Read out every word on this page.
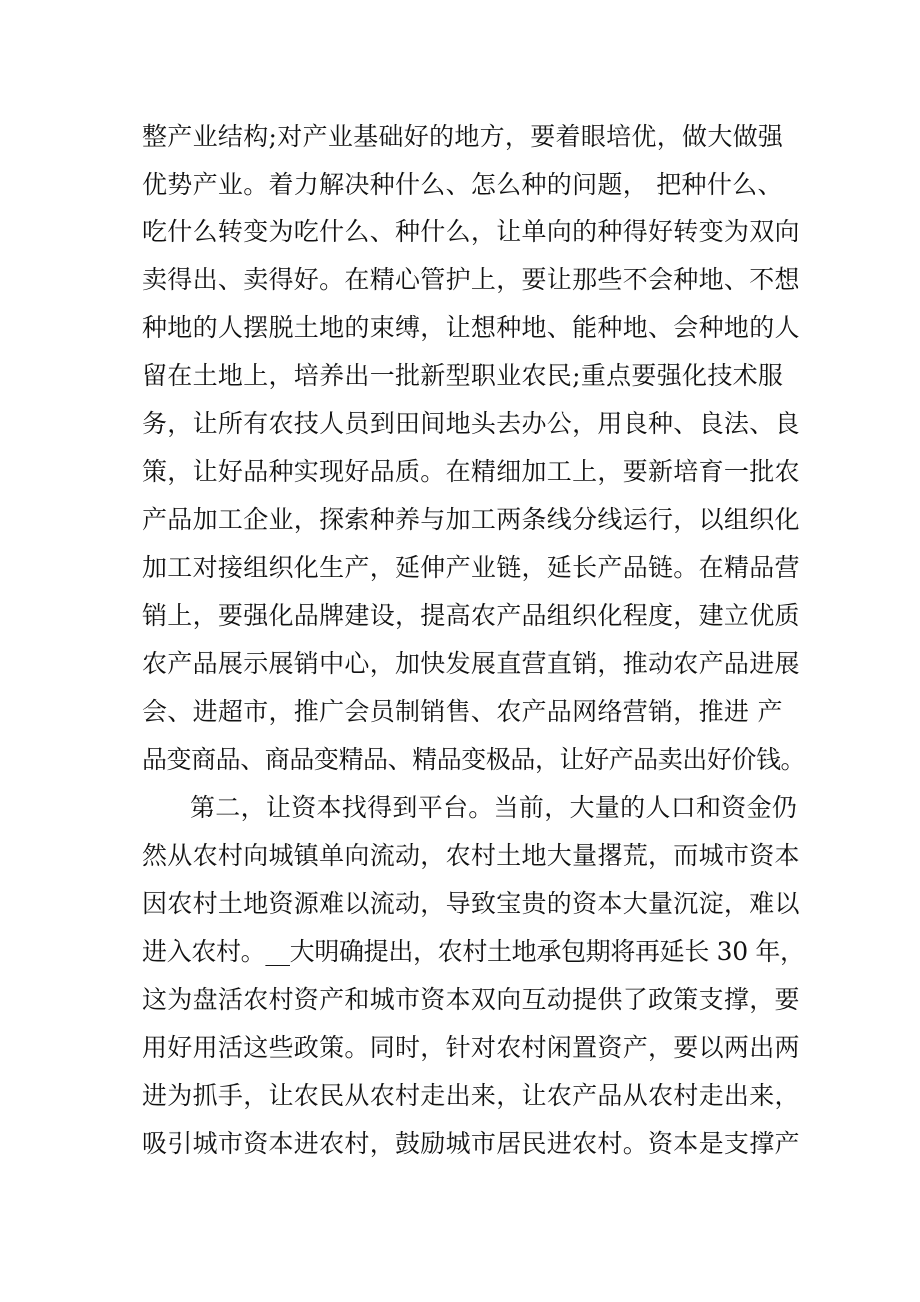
整产业结构;对产业基础好的地方，要着眼培优，做大做强
优势产业。着力解决种什么、怎么种的问题， 把种什么、
吃什么转变为吃什么、种什么，让单向的种得好转变为双向
卖得出、卖得好。在精心管护上，要让那些不会种地、不想
种地的人摆脱土地的束缚，让想种地、能种地、会种地的人
留在土地上，培养出一批新型职业农民;重点要强化技术服
务，让所有农技人员到田间地头去办公，用良种、良法、良
策，让好品种实现好品质。在精细加工上，要新培育一批农
产品加工企业，探索种养与加工两条线分线运行，以组织化
加工对接组织化生产，延伸产业链，延长产品链。在精品营
销上，要强化品牌建设，提高农产品组织化程度，建立优质
农产品展示展销中心，加快发展直营直销，推动农产品进展
会、进超市，推广会员制销售、农产品网络营销，推进 产
品变商品、商品变精品、精品变极品，让好产品卖出好价钱。
第二，让资本找得到平台。当前，大量的人口和资金仍
然从农村向城镇单向流动，农村土地大量撂荒，而城市资本
因农村土地资源难以流动，导致宝贵的资本大量沉淀，难以
进入农村。__大明确提出，农村土地承包期将再延长 30 年，
这为盘活农村资产和城市资本双向互动提供了政策支撑，要
用好用活这些政策。同时，针对农村闲置资产，要以两出两
进为抓手，让农民从农村走出来，让农产品从农村走出来，
吸引城市资本进农村，鼓励城市居民进农村。资本是支撑产
